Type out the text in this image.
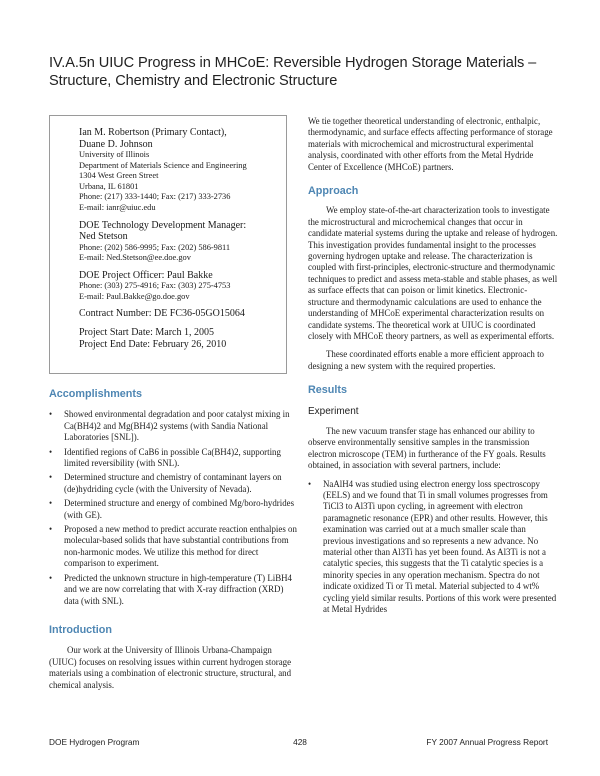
IV.A.5n UIUC Progress in MHCoE: Reversible Hydrogen Storage Materials – Structure, Chemistry and Electronic Structure
Ian M. Robertson (Primary Contact),
Duane D. Johnson
University of Illinois
Department of Materials Science and Engineering
1304 West Green Street
Urbana, IL 61801
Phone: (217) 333-1440; Fax: (217) 333-2736
E-mail: ianr@uiuc.edu
DOE Technology Development Manager:
Ned Stetson
Phone: (202) 586-9995; Fax: (202) 586-9811
E-mail: Ned.Stetson@ee.doe.gov
DOE Project Officer: Paul Bakke
Phone: (303) 275-4916; Fax: (303) 275-4753
E-mail: Paul.Bakke@go.doe.gov
Contract Number: DE FC36-05GO15064
Project Start Date: March 1, 2005
Project End Date: February 26, 2010
Accomplishments
• Showed environmental degradation and poor catalyst mixing in Ca(BH4)2 and Mg(BH4)2 systems (with Sandia National Laboratories [SNL]).
• Identified regions of CaB6 in possible Ca(BH4)2, supporting limited reversibility (with SNL).
• Determined structure and chemistry of contaminant layers on (de)hydriding cycle (with the University of Nevada).
• Determined structure and energy of combined Mg/boro-hydrides (with GE).
• Proposed a new method to predict accurate reaction enthalpies on molecular-based solids that have substantial contributions from non-harmonic modes. We utilize this method for direct comparison to experiment.
• Predicted the unknown structure in high-temperature (T) LiBH4 and we are now correlating that with X-ray diffraction (XRD) data (with SNL).
Introduction

Our work at the University of Illinois Urbana-Champaign (UIUC) focuses on resolving issues within current hydrogen storage materials using a combination of electronic structure, structural, and chemical analysis.

We tie together theoretical understanding of electronic, enthalpic, thermodynamic, and surface effects affecting performance of storage materials with microchemical and microstructural experimental analysis, coordinated with other efforts from the Metal Hydride Center of Excellence (MHCoE) partners.

Approach

We employ state-of-the-art characterization tools to investigate the microstructural and microchemical changes that occur in candidate material systems during the uptake and release of hydrogen. This investigation provides fundamental insight to the processes governing hydrogen uptake and release. The characterization is coupled with first-principles, electronic-structure and thermodynamic techniques to predict and assess meta-stable and stable phases, as well as surface effects that can poison or limit kinetics. Electronic-structure and thermodynamic calculations are used to enhance the understanding of MHCoE experimental characterization results on candidate systems. The theoretical work at UIUC is coordinated closely with MHCoE theory partners, as well as experimental efforts.

These coordinated efforts enable a more efficient approach to designing a new system with the required properties.

Results
Experiment

The new vacuum transfer stage has enhanced our ability to observe environmentally sensitive samples in the transmission electron microscope (TEM) in furtherance of the FY goals. Results obtained, in association with several partners, include:

• NaAlH4 was studied using electron energy loss spectroscopy (EELS) and we found that Ti in small volumes progresses from TiCl3 to Al3Ti upon cycling, in agreement with electron paramagnetic resonance (EPR) and other results. However, this examination was carried out at a much smaller scale than previous investigations and so represents a new advance. No material other than Al3Ti has yet been found. As Al3Ti is not a catalytic species, this suggests that the Ti catalytic species is a minority species in any operation mechanism. Spectra do not indicate oxidized Ti or Ti metal. Material subjected to 4 wt% cycling yield similar results. Portions of this work were presented at Metal Hydrides
428
DOE Hydrogen Program	FY 2007 Annual Progress Report
